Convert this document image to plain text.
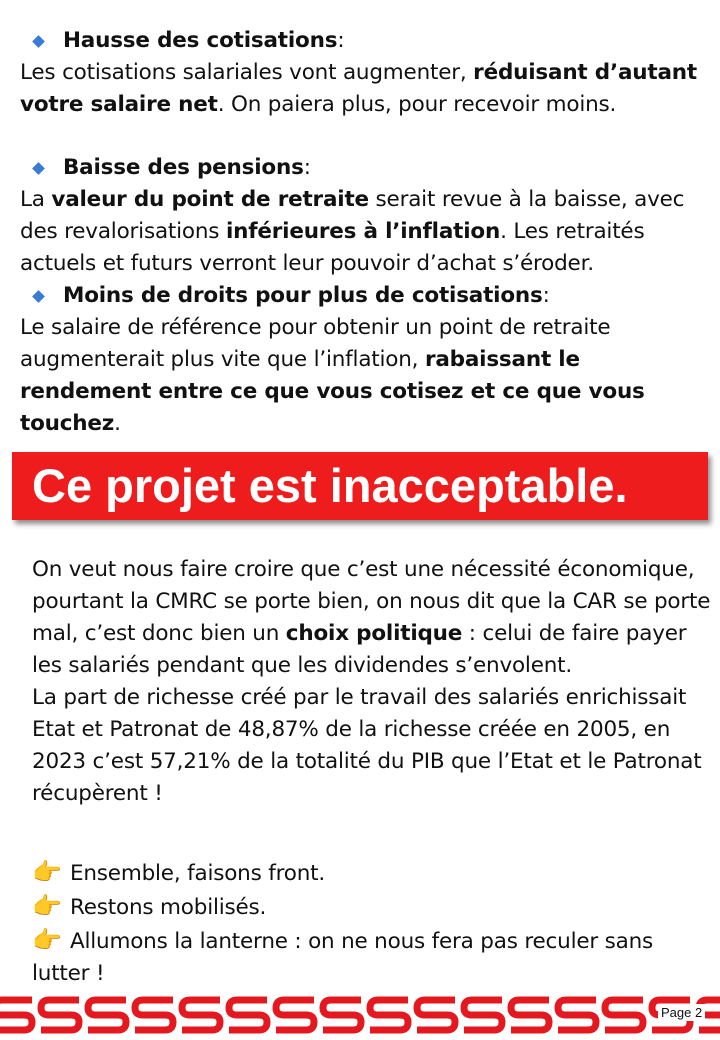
Hausse des cotisations :
Les cotisations salariales vont augmenter, réduisant d’autant votre salaire net. On paiera plus, pour recevoir moins.
Baisse des pensions :
La valeur du point de retraite serait revue à la baisse, avec des revalorisations inférieures à l’inflation. Les retraités actuels et futurs verront leur pouvoir d’achat s’éroder.
Moins de droits pour plus de cotisations :
Le salaire de référence pour obtenir un point de retraite augmenterait plus vite que l’inflation, rabaissant le rendement entre ce que vous cotisez et ce que vous touchez.
Ce projet est inacceptable.
On veut nous faire croire que c’est une nécessité économique, pourtant la CMRC se porte bien, on nous dit que la CAR se porte mal, c’est donc bien un choix politique : celui de faire payer les salariés pendant que les dividendes s’envolent.
La part de richesse créé par le travail des salariés enrichissait Etat et Patronat de 48,87% de la richesse créée en 2005, en 2023 c’est 57,21% de la totalité du PIB que l’Etat et le Patronat récupèrent !
👉 Ensemble, faisons front.
👉 Restons mobilisés.
👉 Allumons la lanterne : on ne nous fera pas reculer sans lutter !
Page 2
